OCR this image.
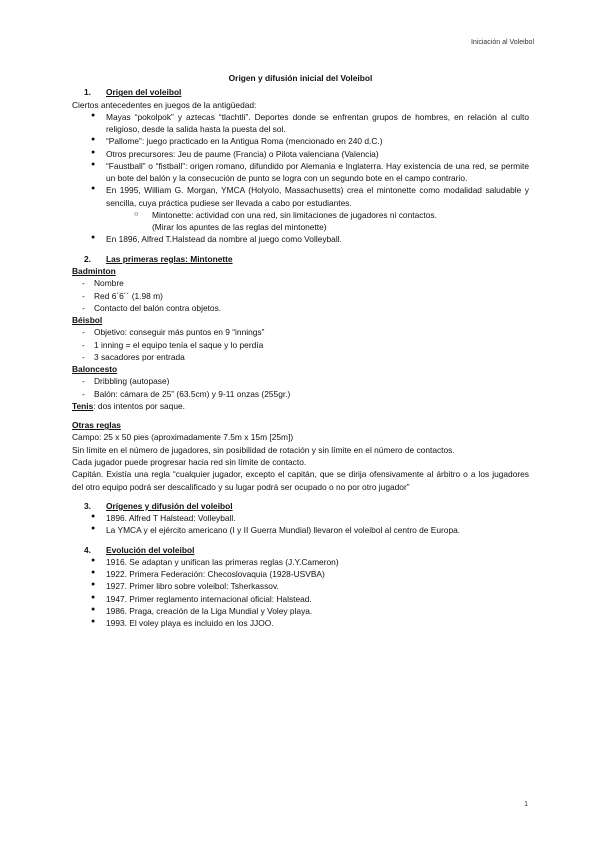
Iniciación al Voleibol

Origen y difusión inicial del Voleibol

1.	Origen del voleibol

Ciertos antecedentes en juegos de la antigüedad:

● Mayas “pokolpok” y aztecas “tlachtli”. Deportes donde se enfrentan grupos de hombres, en relación al culto religioso, desde la salida hasta la puesta del sol.
● “Pallome”: juego practicado en la Antigua Roma (mencionado en 240 d.C.)
● Otros precursores: Jeu de paume (Francia) o Pilota valenciana (Valencia)
● “Faustball” o “fistball”: origen romano, difundido por Alemania e Inglaterra. Hay existencia de una red, se permite un bote del balón y la consecución de punto se logra con un segundo bote en el campo contrario.
● En 1995, William G. Morgan, YMCA (Holyolo, Massachusetts) crea el mintonette como modalidad saludable y sencilla, cuya práctica pudiese ser llevada a cabo por estudiantes.
○ Mintonette: actividad con una red, sin limitaciones de jugadores ni contactos.
(Mirar los apuntes de las reglas del mintonette)
● En 1896, Alfred T.Halstead da nombre al juego como Volleyball.
2.	Las primeras reglas: Mintonette

Badminton

- Nombre
- Red 6´6´´ (1.98 m)
- Contacto del balón contra objetos.

Béisbol

- Objetivo: conseguir más puntos en 9 “innings”
- 1 inning = el equipo tenía el saque y lo perdía
- 3 sacadores por entrada

Baloncesto

- Dribbling (autopase)
- Balón: cámara de 25” (63.5cm) y 9-11 onzas (255gr.)

Tenis: dos intentos por saque.

Otras reglas

Campo: 25 x 50 pies (aproximadamente 7.5m x 15m [25m])

Sin límite en el número de jugadores, sin posibilidad de rotación y sin límite en el número de contactos.

Cada jugador puede progresar hacia red sin límite de contacto.

Capitán. Existía una regla “cualquier jugador, excepto el capitán, que se dirija ofensivamente al árbitro o a los jugadores del otro equipo podrá ser descalificado y su lugar podrá ser ocupado o no por otro jugador”

3.	Orígenes y difusión del voleibol
● 1896. Alfred T Halstead: Volleyball.
● La YMCA y el ejército americano (I y II Guerra Mundial) llevaron el voleibol al centro de Europa.
4.	Evolución del voleibol
● 1916. Se adaptan y unifican las primeras reglas (J.Y.Cameron)
● 1922. Primera Federación: Checoslovaquia (1928-USVBA)
● 1927. Primer libro sobre voleibol: Tsherkassov.
● 1947. Primer reglamento internacional oficial: Halstead.
● 1986. Praga, creación de la Liga Mundial y Voley playa.
● 1993. El voley playa es incluido en los JJOO.
1
